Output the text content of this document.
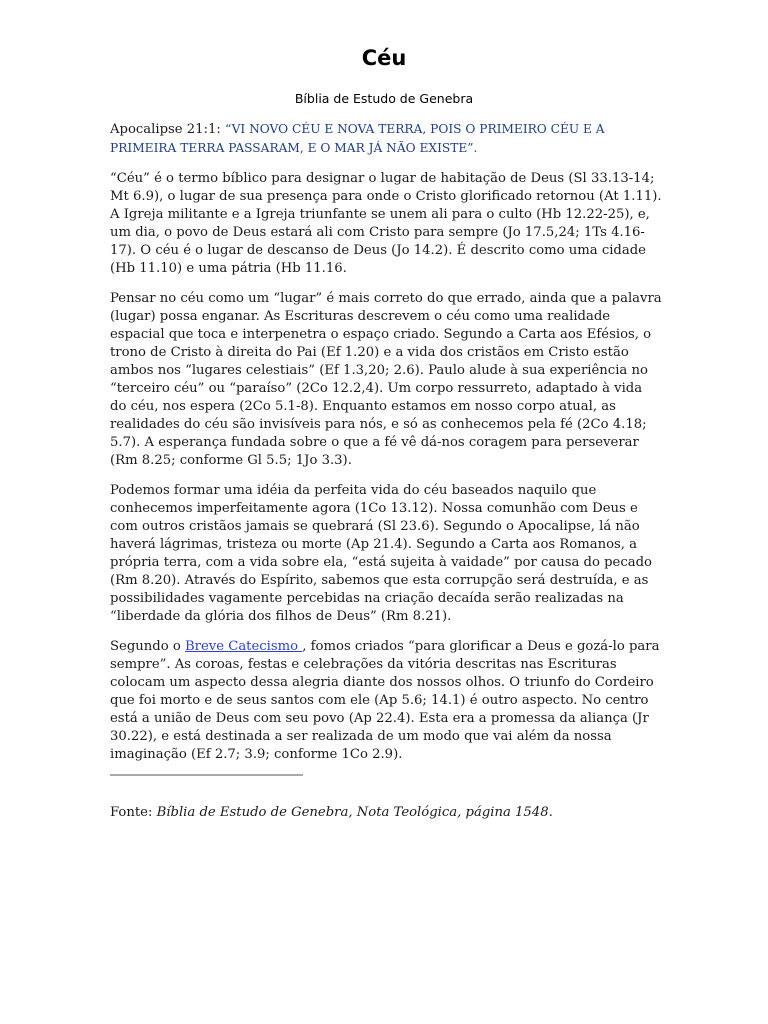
Céu
Bíblia de Estudo de Genebra

Apocalipse 21:1: “VI NOVO CÉU E NOVA TERRA, POIS O PRIMEIRO CÉU E A PRIMEIRA TERRA PASSARAM, E O MAR JÁ NÃO EXISTE”.

“Céu” é o termo bíblico para designar o lugar de habitação de Deus (Sl 33.13-14; Mt 6.9), o lugar de sua presença para onde o Cristo glorificado retornou (At 1.11). A Igreja militante e a Igreja triunfante se unem ali para o culto (Hb 12.22-25), e, um dia, o povo de Deus estará ali com Cristo para sempre (Jo 17.5,24; 1Ts 4.16-17). O céu é o lugar de descanso de Deus (Jo 14.2). É descrito como uma cidade (Hb 11.10) e uma pátria (Hb 11.16.

Pensar no céu como um “lugar” é mais correto do que errado, ainda que a palavra (lugar) possa enganar. As Escrituras descrevem o céu como uma realidade espacial que toca e interpenetra o espaço criado. Segundo a Carta aos Efésios, o trono de Cristo à direita do Pai (Ef 1.20) e a vida dos cristãos em Cristo estão ambos nos “lugares celestiais” (Ef 1.3,20; 2.6). Paulo alude à sua experiência no “terceiro céu” ou “paraíso” (2Co 12.2,4). Um corpo ressurreto, adaptado à vida do céu, nos espera (2Co 5.1-8). Enquanto estamos em nosso corpo atual, as realidades do céu são invisíveis para nós, e só as conhecemos pela fé (2Co 4.18; 5.7). A esperança fundada sobre o que a fé vê dá-nos coragem para perseverar (Rm 8.25; conforme Gl 5.5; 1Jo 3.3).

Podemos formar uma idéia da perfeita vida do céu baseados naquilo que conhecemos imperfeitamente agora (1Co 13.12). Nossa comunhão com Deus e com outros cristãos jamais se quebrará (Sl 23.6). Segundo o Apocalipse, lá não haverá lágrimas, tristeza ou morte (Ap 21.4). Segundo a Carta aos Romanos, a própria terra, com a vida sobre ela, “está sujeita à vaidade” por causa do pecado (Rm 8.20). Através do Espírito, sabemos que esta corrupção será destruída, e as possibilidades vagamente percebidas na criação decaída serão realizadas na “liberdade da glória dos filhos de Deus” (Rm 8.21).

Segundo o Breve Catecismo , fomos criados “para glorificar a Deus e gozá-lo para sempre”. As coroas, festas e celebrações da vitória descritas nas Escrituras colocam um aspecto dessa alegria diante dos nossos olhos. O triunfo do Cordeiro que foi morto e de seus santos com ele (Ap 5.6; 14.1) é outro aspecto. No centro está a união de Deus com seu povo (Ap 22.4). Esta era a promessa da aliança (Jr 30.22), e está destinada a ser realizada de um modo que vai além da nossa imaginação (Ef 2.7; 3.9; conforme 1Co 2.9).

Fonte: Bíblia de Estudo de Genebra, Nota Teológica, página 1548.
